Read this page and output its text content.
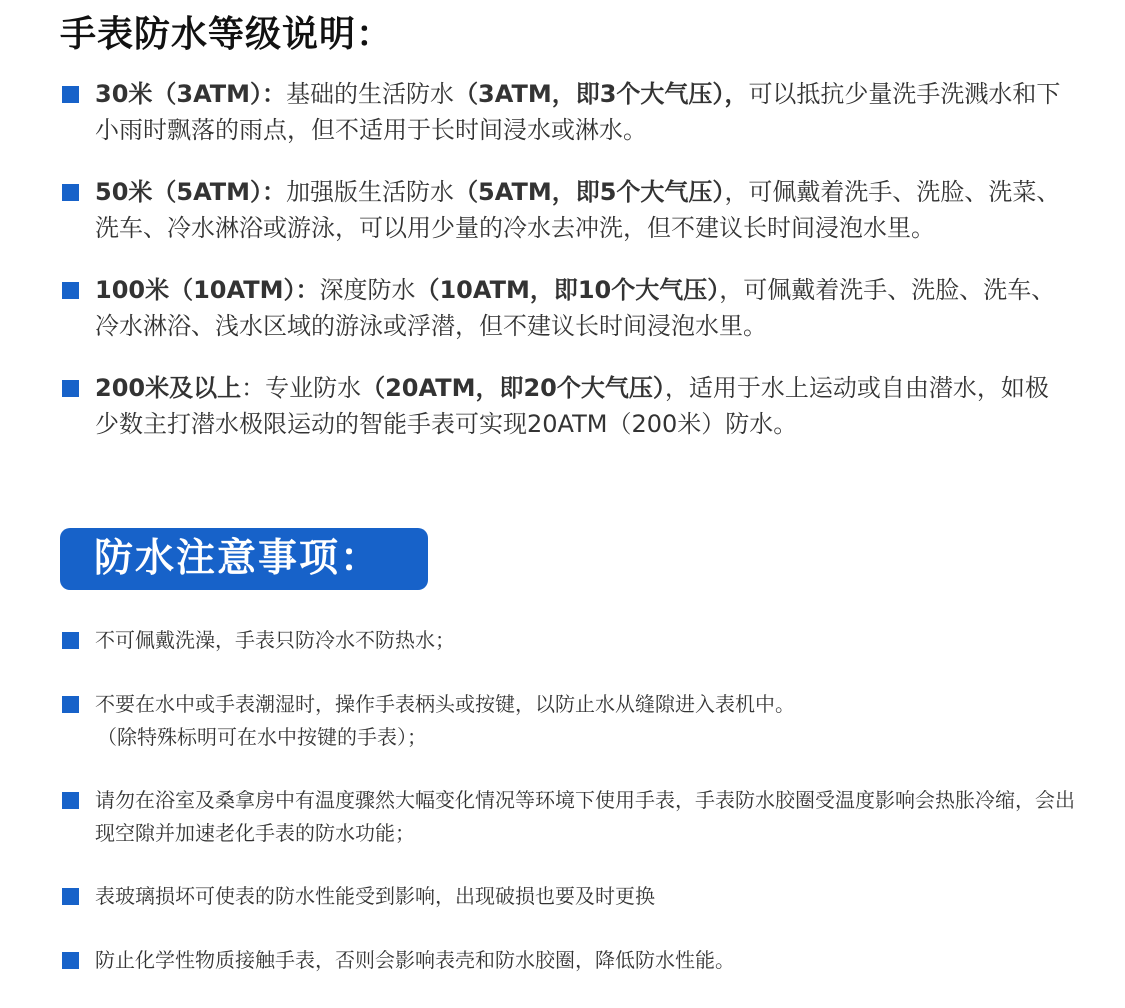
手表防水等级说明：
30米（3ATM）：基础的生活防水（3ATM，即3个大气压），可以抵抗少量洗手洗溅水和下小雨时飘落的雨点，但不适用于长时间浸水或淋水。
50米（5ATM）：加强版生活防水（5ATM，即5个大气压），可佩戴着洗手、洗脸、洗菜、洗车、冷水淋浴或游泳，可以用少量的冷水去冲洗，但不建议长时间浸泡水里。
100米（10ATM）：深度防水（10ATM，即10个大气压），可佩戴着洗手、洗脸、洗车、冷水淋浴、浅水区域的游泳或浮潜，但不建议长时间浸泡水里。
200米及以上：专业防水（20ATM，即20个大气压），适用于水上运动或自由潜水，如极少数主打潜水极限运动的智能手表可实现20ATM（200米）防水。
防水注意事项：
不可佩戴洗澡，手表只防冷水不防热水；
不要在水中或手表潮湿时，操作手表柄头或按键，以防止水从缝隙进入表机中。
（除特殊标明可在水中按键的手表）；
请勿在浴室及桑拿房中有温度骤然大幅变化情况等环境下使用手表，手表防水胶圈受温度影响会热胀冷缩，会出现空隙并加速老化手表的防水功能；
表玻璃损坏可使表的防水性能受到影响，出现破损也要及时更换
防止化学性物质接触手表，否则会影响表壳和防水胶圈，降低防水性能。
